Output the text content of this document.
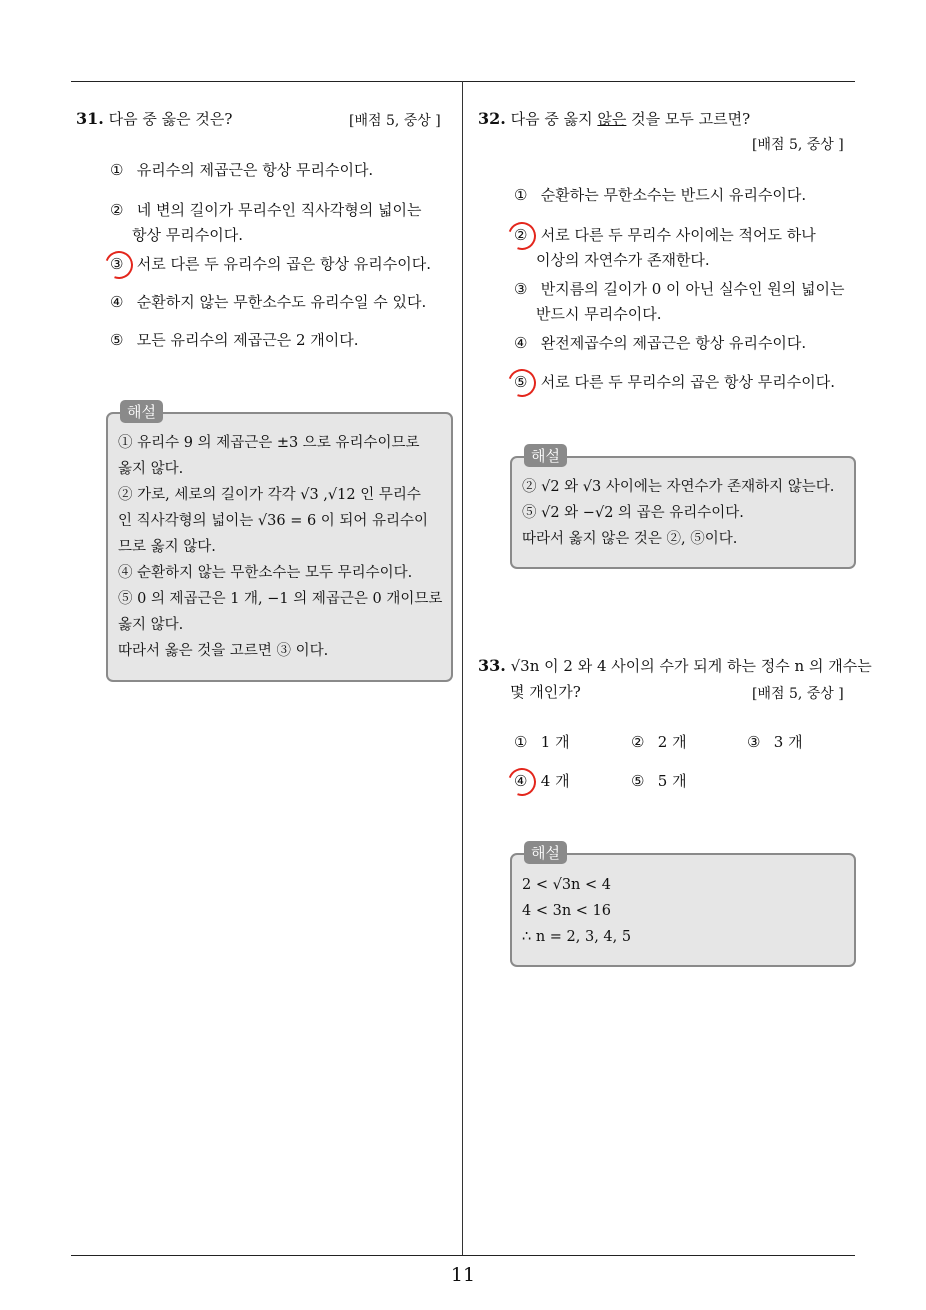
31. 다음 중 옳은 것은?	[배점 5, 중상 ]
① 유리수의 제곱근은 항상 무리수이다.
② 네 변의 길이가 무리수인 직사각형의 넓이는
항상 무리수이다.
③ 서로 다른 두 유리수의 곱은 항상 유리수이다.
④ 순환하지 않는 무한소수도 유리수일 수 있다.
⑤ 모든 유리수의 제곱근은 2 개이다.
해설
① 유리수 9 의 제곱근은 ±3 으로 유리수이므로
옳지 않다.
② 가로, 세로의 길이가 각각 √3 ,√12 인 무리수
인 직사각형의 넓이는 √36 = 6 이 되어 유리수이
므로 옳지 않다.
④ 순환하지 않는 무한소수는 모두 무리수이다.
⑤ 0 의 제곱근은 1 개, −1 의 제곱근은 0 개이므로
옳지 않다.
따라서 옳은 것을 고르면 ③ 이다.
32. 다음 중 옳지 않은 것을 모두 고르면?
[배점 5, 중상 ]
① 순환하는 무한소수는 반드시 유리수이다.
② 서로 다른 두 무리수 사이에는 적어도 하나
이상의 자연수가 존재한다.
③ 반지름의 길이가 0 이 아닌 실수인 원의 넓이는
반드시 무리수이다.
④ 완전제곱수의 제곱근은 항상 유리수이다.
⑤ 서로 다른 두 무리수의 곱은 항상 무리수이다.
해설
② √2 와 √3 사이에는 자연수가 존재하지 않는다.
⑤ √2 와 −√2 의 곱은 유리수이다.
따라서 옳지 않은 것은 ②, ⑤이다.
33. √3n 이 2 와 4 사이의 수가 되게 하는 정수 n 의 개수는
몇 개인가?	[배점 5, 중상 ]
① 1 개	② 2 개	③ 3 개
④ 4 개	⑤ 5 개
해설
2 < √3n < 4
4 < 3n < 16
∴ n = 2, 3, 4, 5
11
